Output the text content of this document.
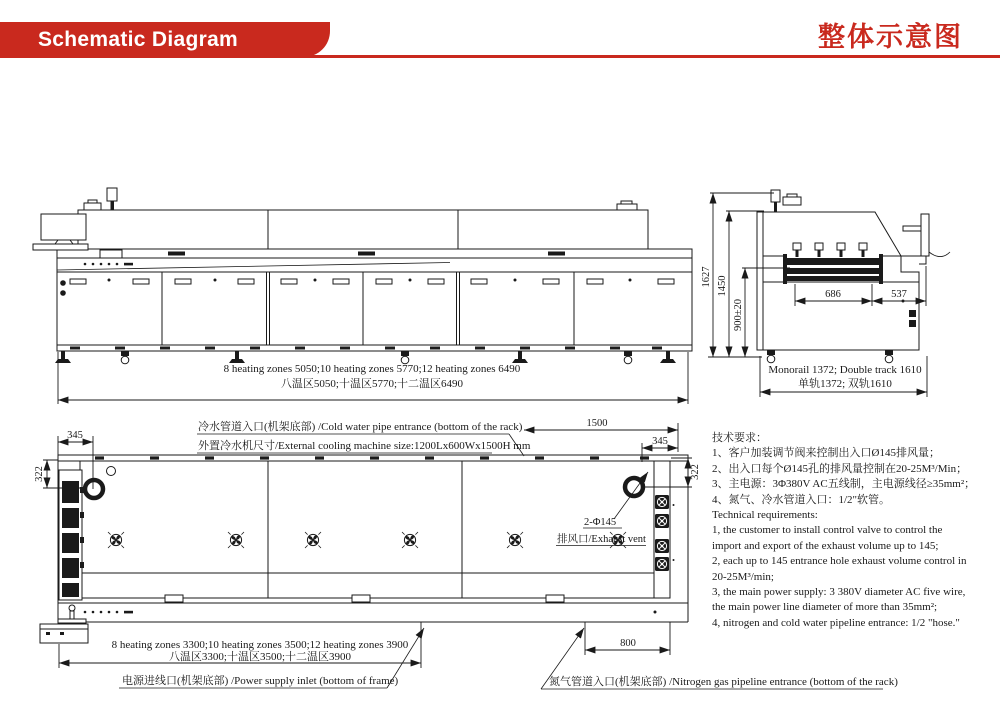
Schematic Diagram	整体示意图
技术要求：
1、客户加装调节阀来控制出入口Ø145排风量；
2、出入口每个Ø145孔的排风量控制在20-25M³/Min；
3、主电源：3Φ380V AC五线制，主电源线径≥35mm²；
4、氮气、冷水管道入口：1/2"软管。
Technical requirements:
1, the customer to install control valve to control the
import and export of the exhaust volume up to 145;
2, each up to 145 entrance hole exhaust volume control in
20-25M³/min;
3, the main power supply: 3 380V diameter AC five wire,
the main power line diameter of more than 35mm²;
4, nitrogen and cold water pipeline entrance: 1/2 "hose."
8 heating zones 5050;10 heating zones 5770;12 heating zones 6490
八温区5050;十温区5770;十二温区6490
1627 1450
900±20
686	537
Monorail 1372; Double track 1610
单轨1372; 双轨1610
冷水管道入口(机架底部) /Cold water pipe entrance (bottom of the rack)
外置冷水机尺寸/External cooling machine size:1200Lx600Wx1500H mm
1500
345
345
322	322
2-Φ145
排风口/Exhaust vent
8 heating zones 3300;10 heating zones 3500;12 heating zones 3900
八温区3300;十温区3500;十二温区3900
电源进线口(机架底部) /Power supply inlet (bottom of frame)
800
氮气管道入口(机架底部) /Nitrogen gas pipeline entrance (bottom of the rack)
